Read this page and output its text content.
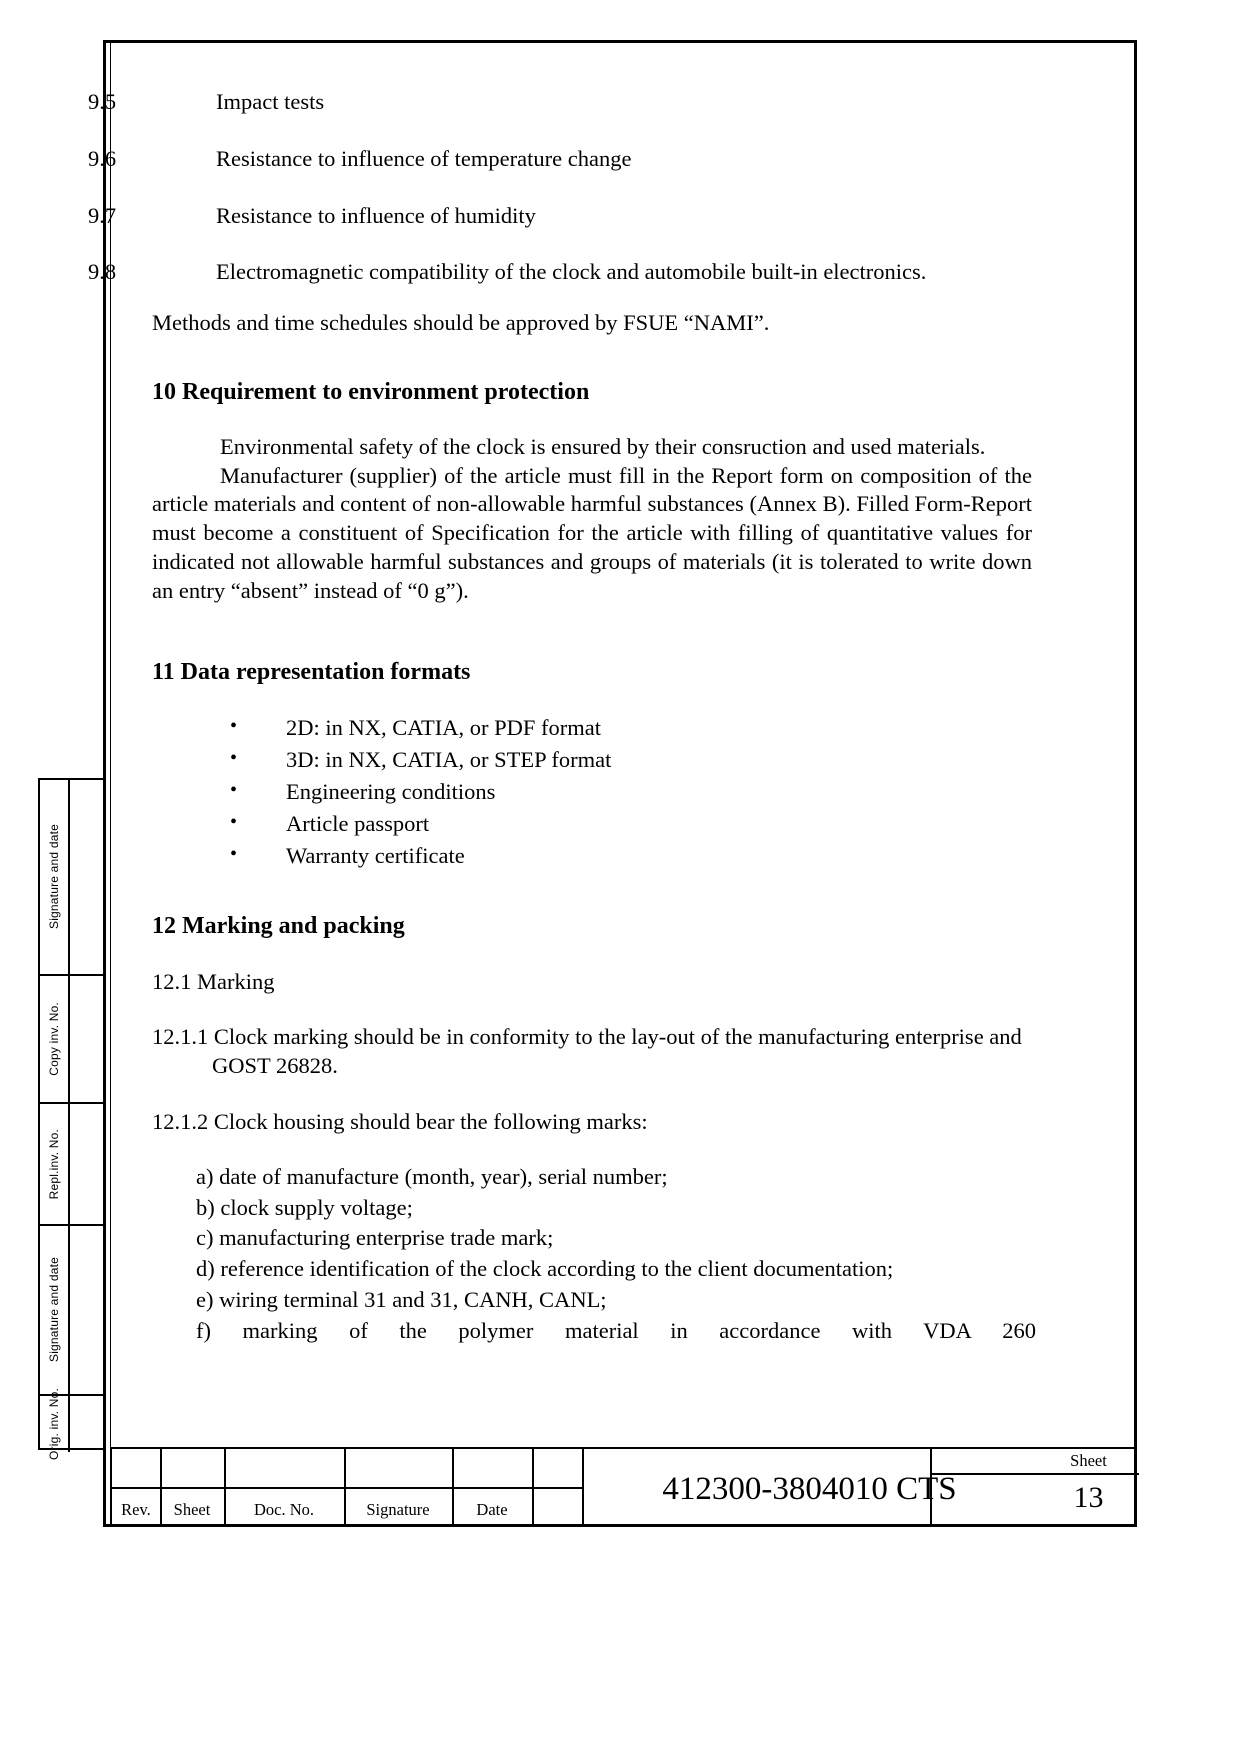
Signature and date
Copy inv. No.
Repl.inv. No.
Signature and date
Orig. inv. No.

9.5	Impact tests

9.6	Resistance to influence of temperature change

9.7	Resistance to influence of humidity

9.8	Electromagnetic compatibility of the clock and automobile built-in electronics.

Methods and time schedules should be approved by FSUE “NAMI”.

10 Requirement to environment protection

Environmental safety of the clock is ensured by their consruction and used materials.

Manufacturer (supplier) of the article must fill in the Report form on composition of the article materials and content of non-allowable harmful substances (Annex B). Filled Form-Report must become a constituent of Specification for the article with filling of quantitative values for indicated not allowable harmful substances and groups of materials (it is tolerated to write down an entry “absent” instead of “0 g”).

11 Data representation formats
• 2D: in NX, CATIA, or PDF format
• 3D: in NX, CATIA, or STEP format
• Engineering conditions
• Article passport
• Warranty certificate
12 Marking and packing

12.1 Marking

12.1.1 Clock marking should be in conformity to the lay-out of the manufacturing enterprise and GOST 26828.

12.1.2 Clock housing should bear the following marks:

a) date of manufacture (month, year), serial number;
b) clock supply voltage;
c) manufacturing enterprise trade mark;
d) reference identification of the clock according to the client documentation;
e) wiring terminal 31 and 31, CANH, CANL;
f) marking of the polymer material in accordance with VDA 260
Rev.	Sheet	Doc. No.	Signature	Date
412300-3804010 CTS
Sheet
13
